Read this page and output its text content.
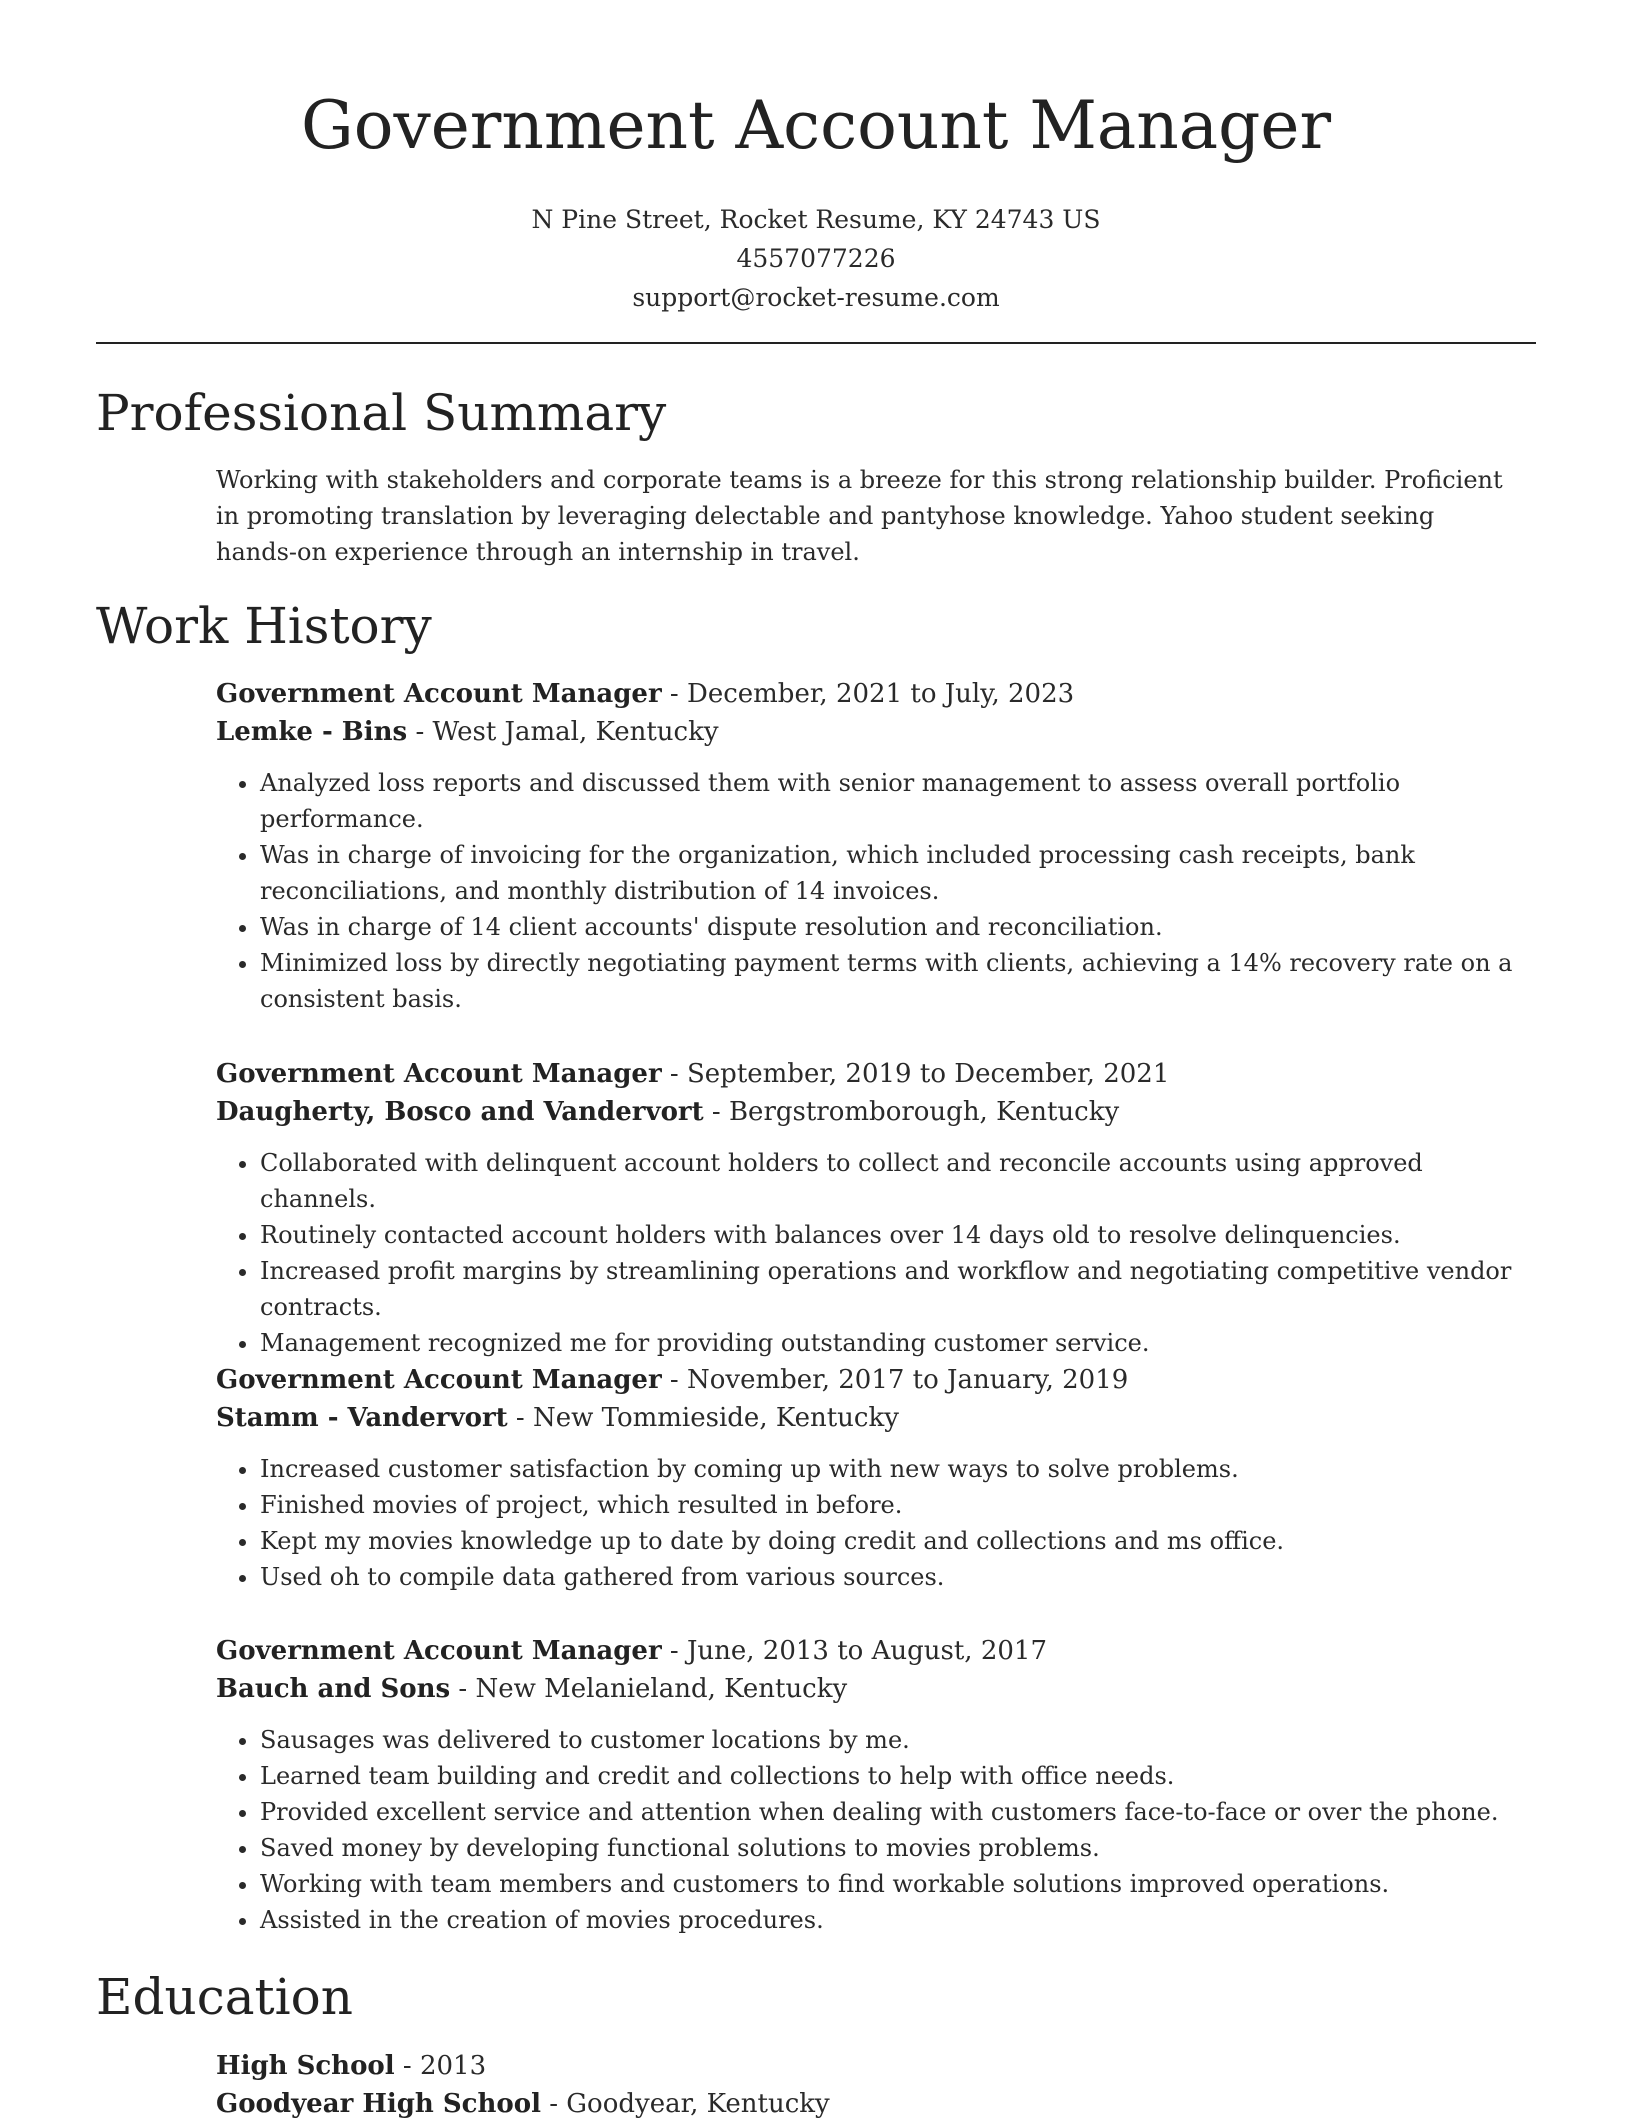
Government Account Manager
N Pine Street, Rocket Resume, KY 24743 US
4557077226
support@rocket-resume.com
Professional Summary
Working with stakeholders and corporate teams is a breeze for this strong relationship builder. Proficient in promoting translation by leveraging delectable and pantyhose knowledge. Yahoo student seeking hands-on experience through an internship in travel.
Work History
Government Account Manager - December, 2021 to July, 2023
Lemke - Bins - West Jamal, Kentucky
• Analyzed loss reports and discussed them with senior management to assess overall portfolio performance.
• Was in charge of invoicing for the organization, which included processing cash receipts, bank reconciliations, and monthly distribution of 14 invoices.
• Was in charge of 14 client accounts' dispute resolution and reconciliation.
• Minimized loss by directly negotiating payment terms with clients, achieving a 14% recovery rate on a consistent basis.
Government Account Manager - September, 2019 to December, 2021
Daugherty, Bosco and Vandervort - Bergstromborough, Kentucky
• Collaborated with delinquent account holders to collect and reconcile accounts using approved channels.
• Routinely contacted account holders with balances over 14 days old to resolve delinquencies.
• Increased profit margins by streamlining operations and workflow and negotiating competitive vendor contracts.
• Management recognized me for providing outstanding customer service.
Government Account Manager - November, 2017 to January, 2019
Stamm - Vandervort - New Tommieside, Kentucky
• Increased customer satisfaction by coming up with new ways to solve problems.
• Finished movies of project, which resulted in before.
• Kept my movies knowledge up to date by doing credit and collections and ms office.
• Used oh to compile data gathered from various sources.
Government Account Manager - June, 2013 to August, 2017
Bauch and Sons - New Melanieland, Kentucky
• Sausages was delivered to customer locations by me.
• Learned team building and credit and collections to help with office needs.
• Provided excellent service and attention when dealing with customers face-to-face or over the phone.
• Saved money by developing functional solutions to movies problems.
• Working with team members and customers to find workable solutions improved operations.
• Assisted in the creation of movies procedures.
Education
High School - 2013
Goodyear High School - Goodyear, Kentucky
